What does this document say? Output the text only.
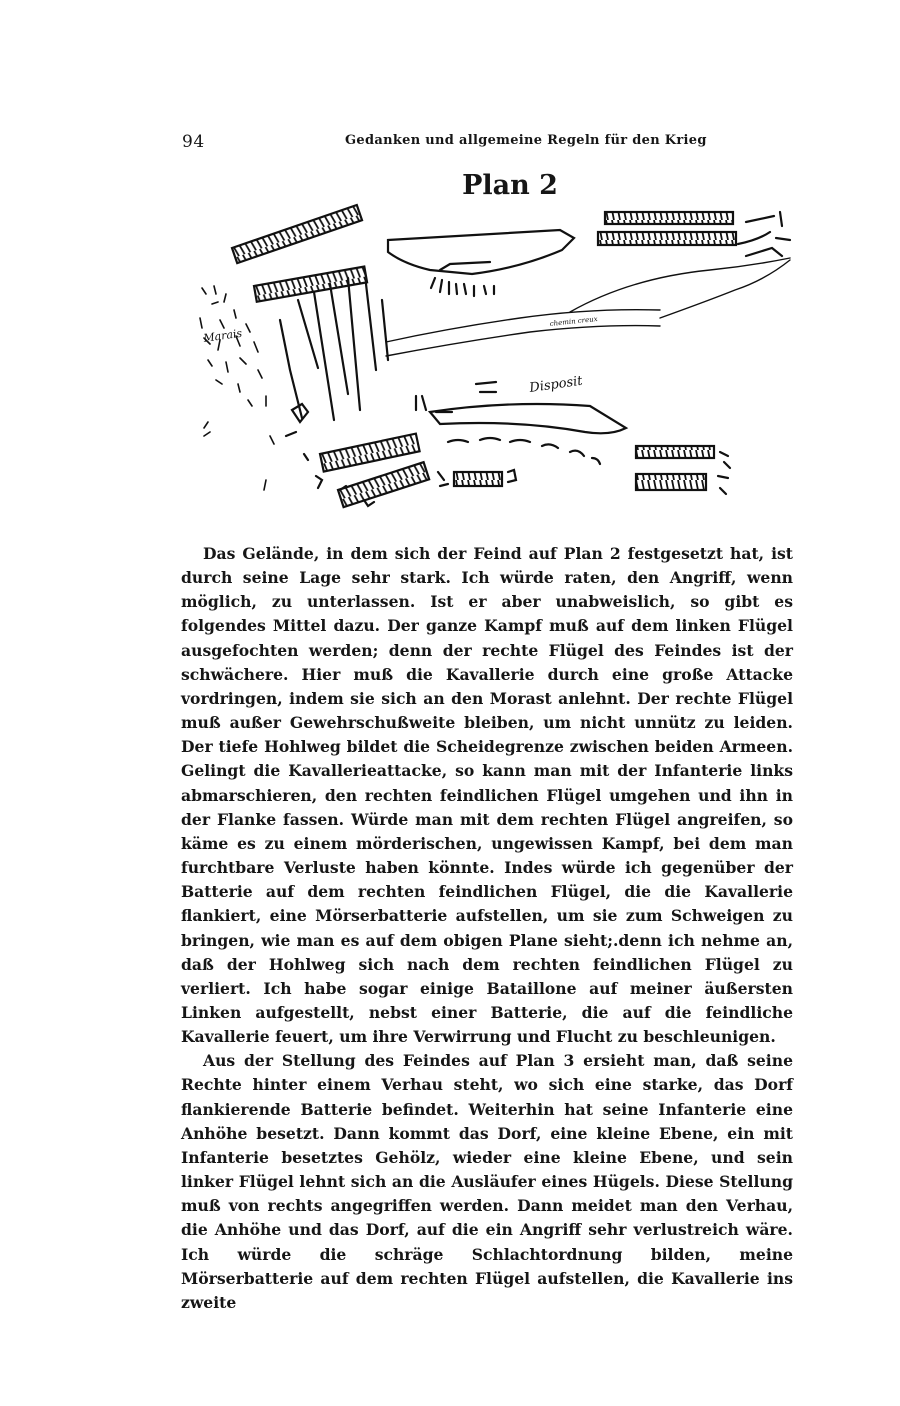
94	Gedanken und allgemeine Regeln für den Krieg
Plan 2
Marais
chemin creux
Disposit

Das Gelände, in dem sich der Feind auf Plan 2 festgesetzt hat, ist durch seine Lage sehr stark. Ich würde raten, den Angriff, wenn möglich, zu unterlassen. Ist er aber unabweislich, so gibt es folgendes Mittel dazu. Der ganze Kampf muß auf dem linken Flügel ausgefochten werden; denn der rechte Flügel des Feindes ist der schwächere. Hier muß die Kavallerie durch eine große Attacke vordringen, indem sie sich an den Morast anlehnt. Der rechte Flügel muß außer Gewehrschußweite bleiben, um nicht unnütz zu leiden. Der tiefe Hohlweg bildet die Scheidegrenze zwischen beiden Armeen. Gelingt die Kavallerieattacke, so kann man mit der Infanterie links abmarschieren, den rechten feindlichen Flügel umgehen und ihn in der Flanke fassen. Würde man mit dem rechten Flügel angreifen, so käme es zu einem mörderischen, ungewissen Kampf, bei dem man furchtbare Verluste haben könnte. Indes würde ich gegenüber der Batterie auf dem rechten feindlichen Flügel, die die Kavallerie flankiert, eine Mörserbatterie aufstellen, um sie zum Schweigen zu bringen, wie man es auf dem obigen Plane sieht;.denn ich nehme an, daß der Hohlweg sich nach dem rechten feindlichen Flügel zu verliert. Ich habe sogar einige Bataillone auf meiner äußersten Linken aufgestellt, nebst einer Batterie, die auf die feindliche Kavallerie feuert, um ihre Verwirrung und Flucht zu beschleunigen.

Aus der Stellung des Feindes auf Plan 3 ersieht man, daß seine Rechte hinter einem Verhau steht, wo sich eine starke, das Dorf flankierende Batterie befindet. Weiterhin hat seine Infanterie eine Anhöhe besetzt. Dann kommt das Dorf, eine kleine Ebene, ein mit Infanterie besetztes Gehölz, wieder eine kleine Ebene, und sein linker Flügel lehnt sich an die Ausläufer eines Hügels. Diese Stellung muß von rechts angegriffen werden. Dann meidet man den Verhau, die Anhöhe und das Dorf, auf die ein Angriff sehr verlustreich wäre. Ich würde die schräge Schlachtordnung bilden, meine Mörserbatterie auf dem rechten Flügel aufstellen, die Kavallerie ins zweite
